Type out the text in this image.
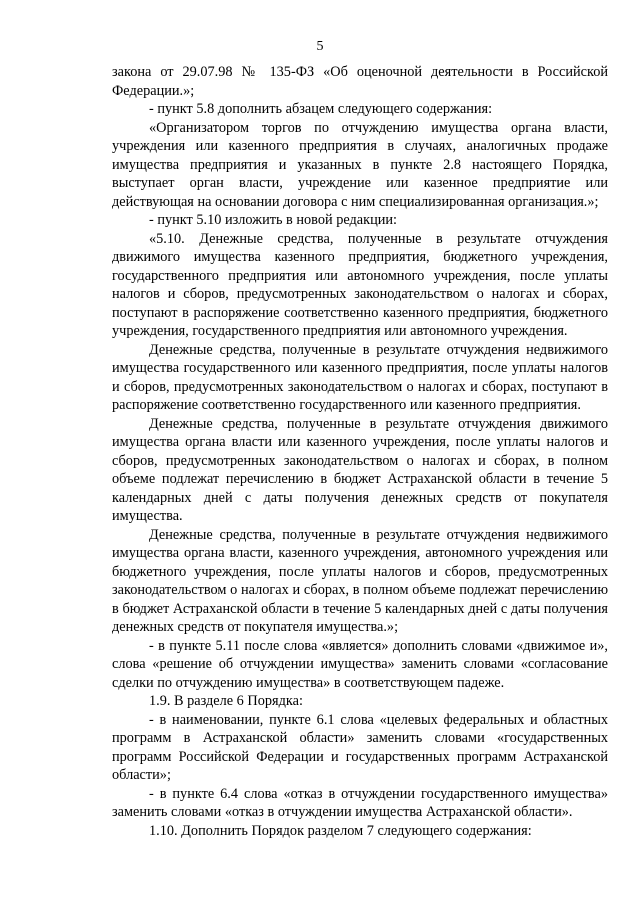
5

закона от 29.07.98 № 135-ФЗ «Об оценочной деятельности в Российской Федерации.»;

- пункт 5.8 дополнить абзацем следующего содержания:

«Организатором торгов по отчуждению имущества органа власти, учреждения или казенного предприятия в случаях, аналогичных продаже имущества предприятия и указанных в пункте 2.8 настоящего Порядка, выступает орган власти, учреждение или казенное предприятие или действующая на основании договора с ним специализированная организация.»;

- пункт 5.10 изложить в новой редакции:

«5.10. Денежные средства, полученные в результате отчуждения движимого имущества казенного предприятия, бюджетного учреждения, государственного предприятия или автономного учреждения, после уплаты налогов и сборов, предусмотренных законодательством о налогах и сборах, поступают в распоряжение соответственно казенного предприятия, бюджетного учреждения, государственного предприятия или автономного учреждения.

Денежные средства, полученные в результате отчуждения недвижимого имущества государственного или казенного предприятия, после уплаты налогов и сборов, предусмотренных законодательством о налогах и сборах, поступают в распоряжение соответственно государственного или казенного предприятия.

Денежные средства, полученные в результате отчуждения движимого имущества органа власти или казенного учреждения, после уплаты налогов и сборов, предусмотренных законодательством о налогах и сборах, в полном объеме подлежат перечислению в бюджет Астраханской области в течение 5 календарных дней с даты получения денежных средств от покупателя имущества.

Денежные средства, полученные в результате отчуждения недвижимого имущества органа власти, казенного учреждения, автономного учреждения или бюджетного учреждения, после уплаты налогов и сборов, предусмотренных законодательством о налогах и сборах, в полном объеме подлежат перечислению в бюджет Астраханской области в течение 5 календарных дней с даты получения денежных средств от покупателя имущества.»;

- в пункте 5.11 после слова «является» дополнить словами «движимое и», слова «решение об отчуждении имущества» заменить словами «согласование сделки по отчуждению имущества» в соответствующем падеже.

1.9. В разделе 6 Порядка:

- в наименовании, пункте 6.1 слова «целевых федеральных и областных программ в Астраханской области» заменить словами «государственных программ Российской Федерации и государственных программ Астраханской области»;

- в пункте 6.4 слова «отказ в отчуждении государственного имущества» заменить словами «отказ в отчуждении имущества Астраханской области».

1.10. Дополнить Порядок разделом 7 следующего содержания:
